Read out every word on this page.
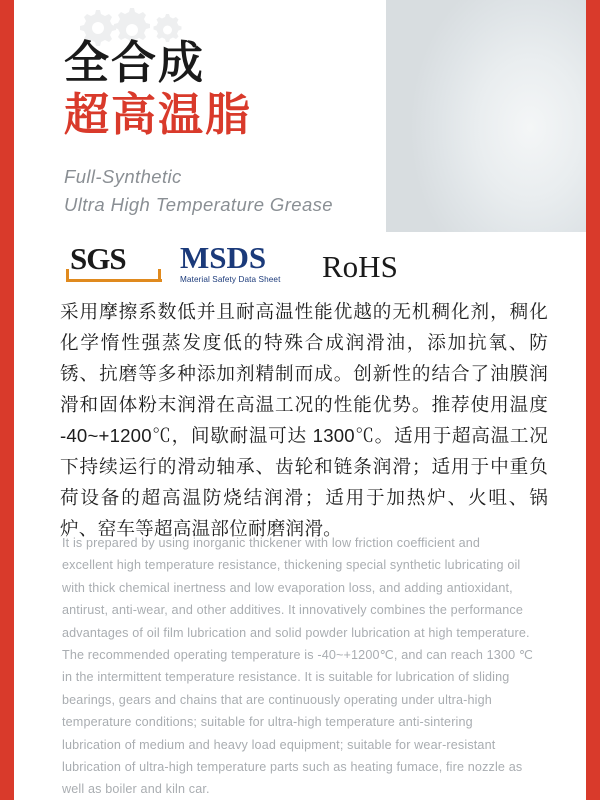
全合成
超高温脂
Full-Synthetic
Ultra High Temperature Grease
SGS	MSDS
Material Safety Data Sheet	RoHS
采用摩擦系数低并且耐高温性能优越的无机稠化剂，稠化化学惰性强蒸发度低的特殊合成润滑油，添加抗氧、防锈、抗磨等多种添加剂精制而成。创新性的结合了油膜润滑和固体粉末润滑在高温工况的性能优势。推荐使用温度 -40~+1200℃，间歇耐温可达 1300℃。适用于超高温工况下持续运行的滑动轴承、齿轮和链条润滑；适用于中重负荷设备的超高温防烧结润滑；适用于加热炉、火咀、锅炉、窑车等超高温部位耐磨润滑。
It is prepared by using inorganic thickener with low friction coefficient and excellent high temperature resistance, thickening special synthetic lubricating oil with thick chemical inertness and low evaporation loss, and adding antioxidant, antirust, anti-wear, and other additives. It innovatively combines the performance advantages of oil film lubrication and solid powder lubrication at high temperature. The recommended operating temperature is -40~+1200℃, and can reach 1300 ℃ in the intermittent temperature resistance. It is suitable for lubrication of sliding bearings, gears and chains that are continuously operating under ultra-high temperature conditions; suitable for ultra-high temperature anti-sintering lubrication of medium and heavy load equipment; suitable for wear-resistant lubrication of ultra-high temperature parts such as heating fumace, fire nozzle as well as boiler and kiln car.
